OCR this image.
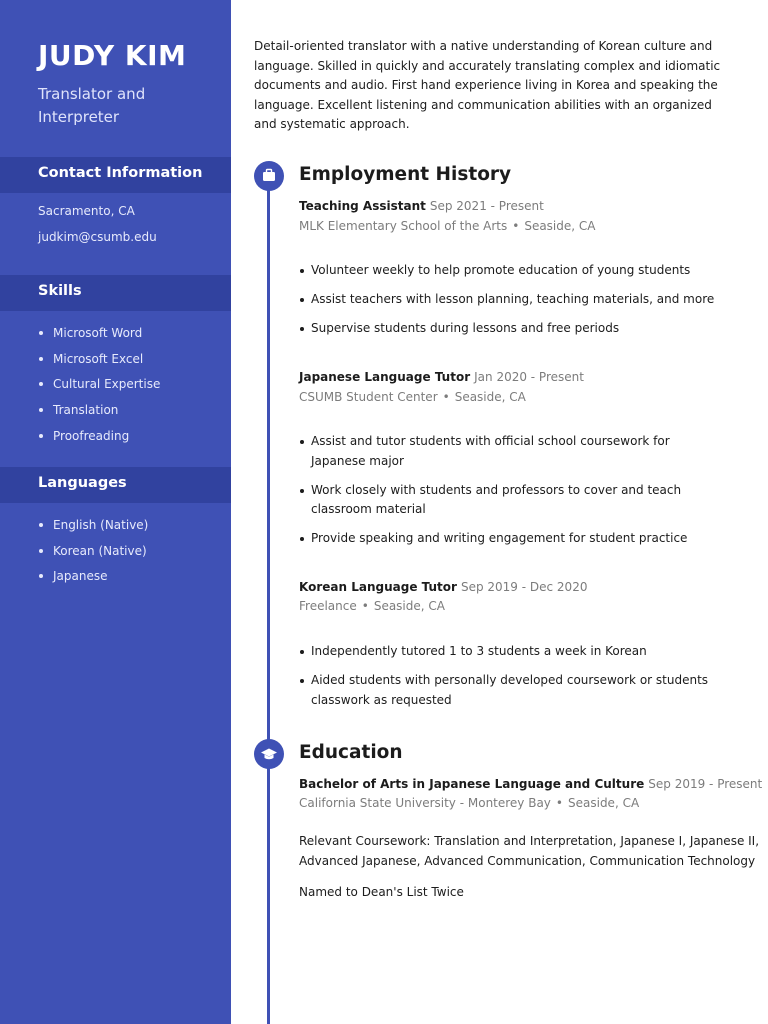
JUDY KIM
Translator and Interpreter
Contact Information
Sacramento, CA
judkim@csumb.edu
Skills
Microsoft Word
Microsoft Excel
Cultural Expertise
Translation
Proofreading
Languages
English (Native)
Korean (Native)
Japanese

Detail-oriented translator with a native understanding of Korean culture and language. Skilled in quickly and accurately translating complex and idiomatic documents and audio. First hand experience living in Korea and speaking the language. Excellent listening and communication abilities with an organized and systematic approach.

Employment History
Teaching Assistant Sep 2021 - Present
MLK Elementary School of the Arts • Seaside, CA
Volunteer weekly to help promote education of young students
Assist teachers with lesson planning, teaching materials, and more
Supervise students during lessons and free periods
Japanese Language Tutor Jan 2020 - Present
CSUMB Student Center • Seaside, CA
Assist and tutor students with official school coursework for Japanese major
Work closely with students and professors to cover and teach classroom material
Provide speaking and writing engagement for student practice
Korean Language Tutor Sep 2019 - Dec 2020
Freelance • Seaside, CA
Independently tutored 1 to 3 students a week in Korean
Aided students with personally developed coursework or students classwork as requested
Education
Bachelor of Arts in Japanese Language and Culture Sep 2019 - Present
California State University - Monterey Bay • Seaside, CA

Relevant Coursework: Translation and Interpretation, Japanese I, Japanese II, Advanced Japanese, Advanced Communication, Communication Technology

Named to Dean's List Twice
